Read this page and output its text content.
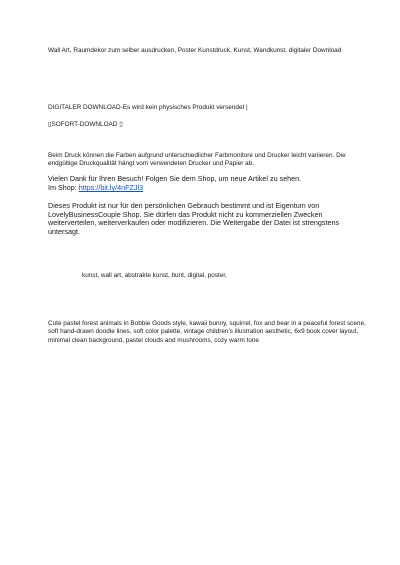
Wall Art, Raumdekor zum selber ausdrucken, Poster Kunstdruck, Kunst, Wandkunst, digitaler Download

DIGITALER DOWNLOAD-Es wird kein physisches Produkt versendet |

▯SOFORT-DOWNLOAD ▯

Beim Druck können die Farben aufgrund unterschiedlicher Farbmonitore und Drucker leicht variieren. Die endgültige Druckqualität hängt vom verwendeten Drucker und Papier ab.

Vielen Dank für Ihren Besuch! Folgen Sie dem Shop, um neue Artikel zu sehen.

Im Shop: https://bit.ly/4nFZJl3

Dieses Produkt ist nur für den persönlichen Gebrauch bestimmt und ist Eigentum von LovelyBusinessCouple Shop. Sie dürfen das Produkt nicht zu kommerziellen Zwecken weiterverteilen, weiterverkaufen oder modifizieren. Die Weitergabe der Datei ist strengstens untersagt.

kunst, wall art, abstrakte kunst, bunt, digital, poster,

Cute pastel forest animals in Bobbie Goods style, kawaii bunny, squirrel, fox and bear in a peaceful forest scene, soft hand-drawn doodle lines, soft color palette, vintage children's illustration aesthetic, 6x9 book cover layout, minimal clean background, pastel clouds and mushrooms, cozy warm tone
